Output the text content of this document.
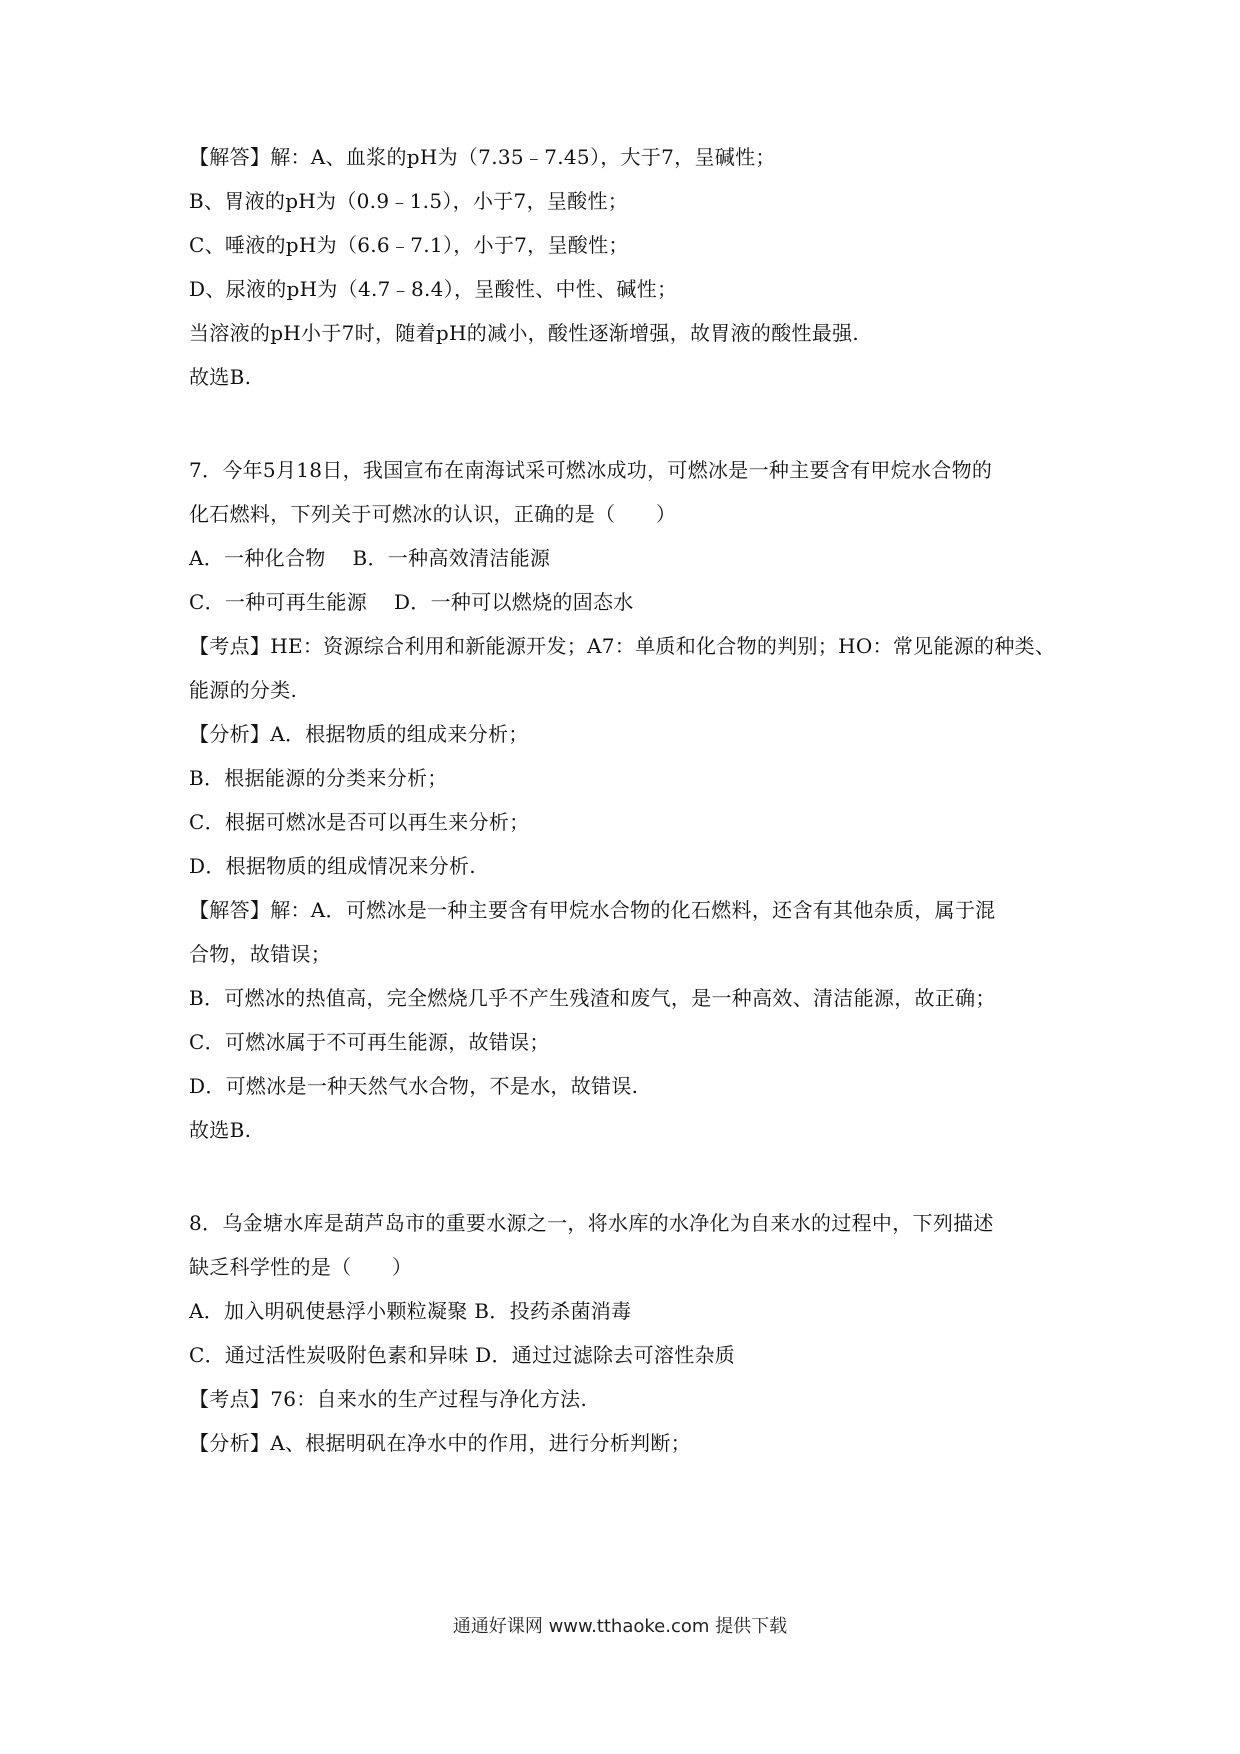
【解答】解：A、血浆的pH为（7.35﹣7.45），大于7，呈碱性；
B、胃液的pH为（0.9﹣1.5），小于7，呈酸性；
C、唾液的pH为（6.6﹣7.1），小于7，呈酸性；
D、尿液的pH为（4.7﹣8.4），呈酸性、中性、碱性；
当溶液的pH小于7时，随着pH的减小，酸性逐渐增强，故胃液的酸性最强.
故选B.
7．今年5月18日，我国宣布在南海试采可燃冰成功，可燃冰是一种主要含有甲烷水合物的
化石燃料，下列关于可燃冰的认识，正确的是（　　）
A．一种化合物　 B．一种高效清洁能源
C．一种可再生能源　 D．一种可以燃烧的固态水
【考点】HE：资源综合利用和新能源开发；A7：单质和化合物的判别；HO：常见能源的种类、
能源的分类.
【分析】A．根据物质的组成来分析；
B．根据能源的分类来分析；
C．根据可燃冰是否可以再生来分析；
D．根据物质的组成情况来分析.
【解答】解：A．可燃冰是一种主要含有甲烷水合物的化石燃料，还含有其他杂质，属于混
合物，故错误；
B．可燃冰的热值高，完全燃烧几乎不产生残渣和废气，是一种高效、清洁能源，故正确；
C．可燃冰属于不可再生能源，故错误；
D．可燃冰是一种天然气水合物，不是水，故错误.
故选B.
8．乌金塘水库是葫芦岛市的重要水源之一，将水库的水净化为自来水的过程中，下列描述
缺乏科学性的是（　　）
A．加入明矾使悬浮小颗粒凝聚 B．投药杀菌消毒
C．通过活性炭吸附色素和异味 D．通过过滤除去可溶性杂质
【考点】76：自来水的生产过程与净化方法.
【分析】A、根据明矾在净水中的作用，进行分析判断；
通通好课网 www.tthaoke.com 提供下载
